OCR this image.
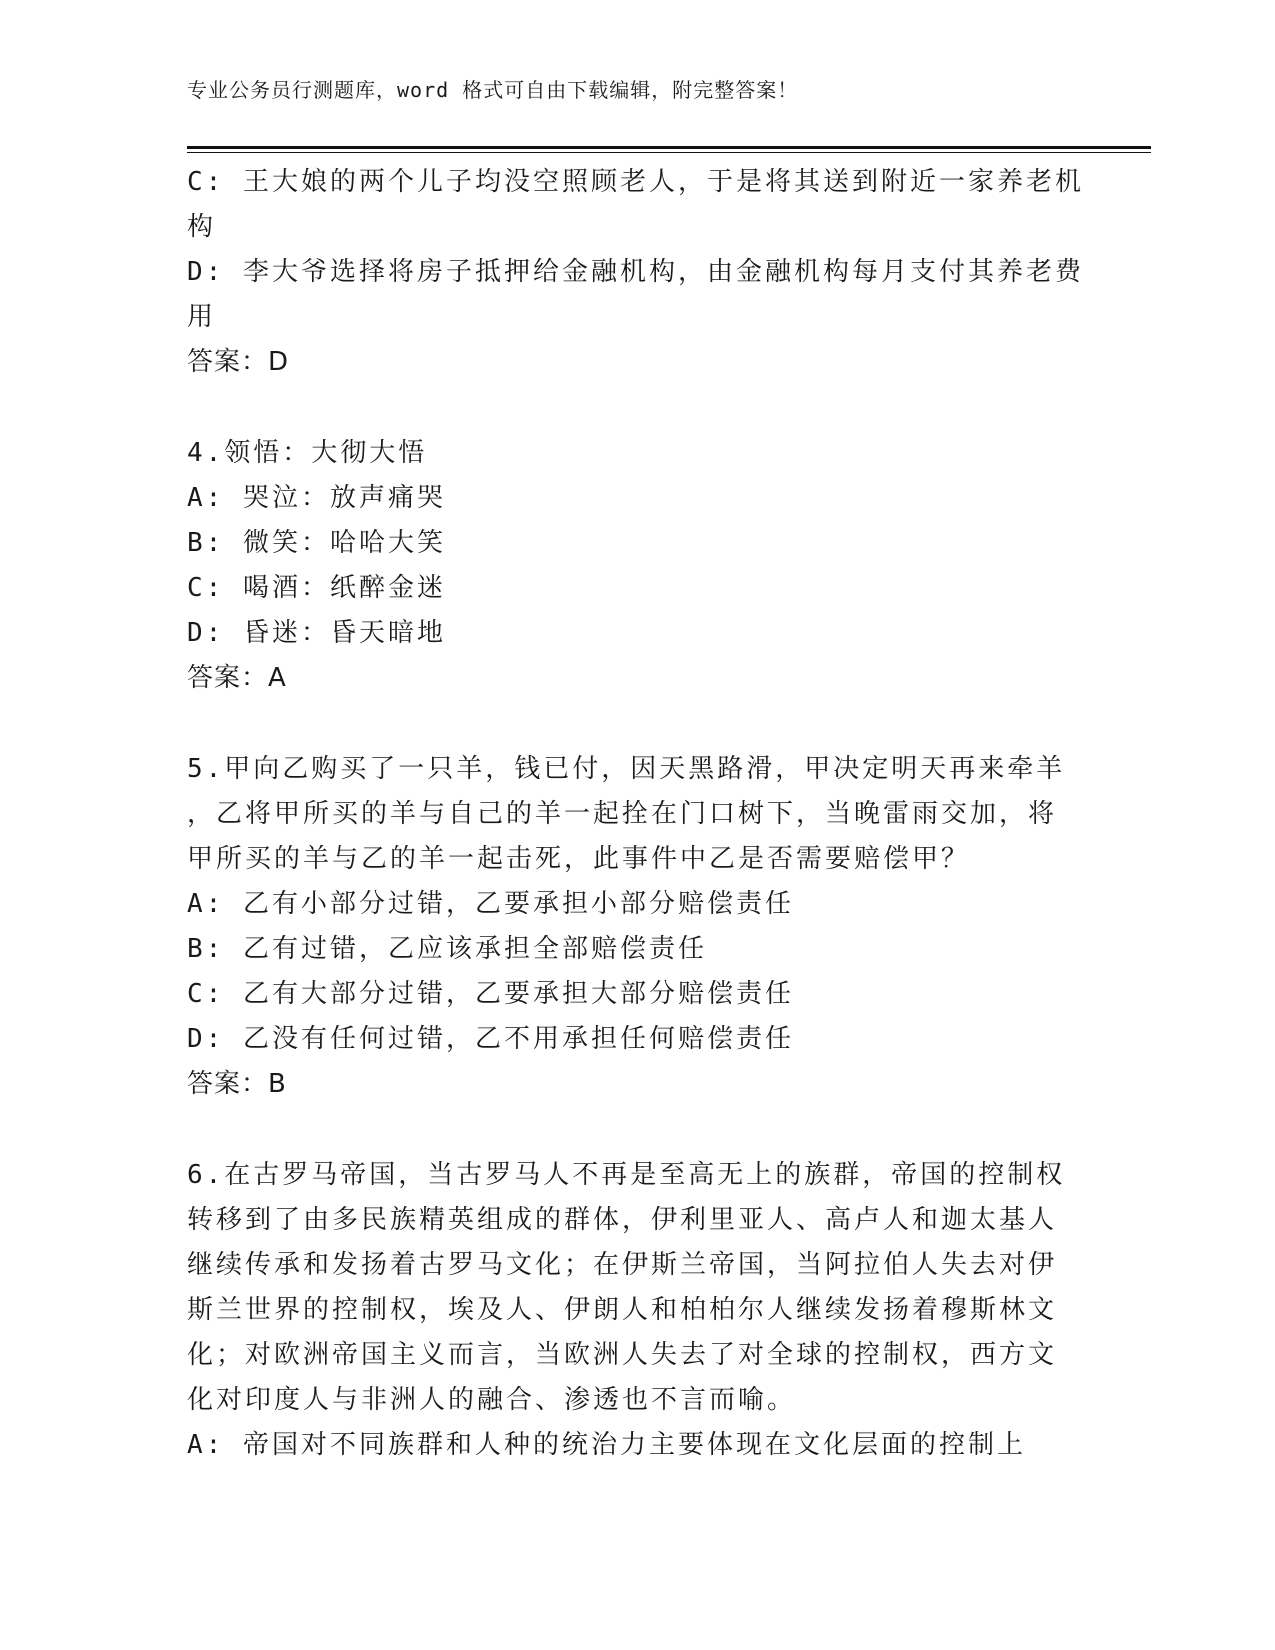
专业公务员行测题库，word 格式可自由下载编辑，附完整答案！
C: 王大娘的两个儿子均没空照顾老人，于是将其送到附近一家养老机
构
D: 李大爷选择将房子抵押给金融机构，由金融机构每月支付其养老费
用
答案：D
4.领悟：大彻大悟
A: 哭泣：放声痛哭
B: 微笑：哈哈大笑
C: 喝酒：纸醉金迷
D: 昏迷：昏天暗地
答案：A
5.甲向乙购买了一只羊，钱已付，因天黑路滑，甲决定明天再来牵羊
，乙将甲所买的羊与自己的羊一起拴在门口树下，当晚雷雨交加，将
甲所买的羊与乙的羊一起击死，此事件中乙是否需要赔偿甲？
A: 乙有小部分过错，乙要承担小部分赔偿责任
B: 乙有过错，乙应该承担全部赔偿责任
C: 乙有大部分过错，乙要承担大部分赔偿责任
D: 乙没有任何过错，乙不用承担任何赔偿责任
答案：B
6.在古罗马帝国，当古罗马人不再是至高无上的族群，帝国的控制权
转移到了由多民族精英组成的群体，伊利里亚人、高卢人和迦太基人
继续传承和发扬着古罗马文化；在伊斯兰帝国，当阿拉伯人失去对伊
斯兰世界的控制权，埃及人、伊朗人和柏柏尔人继续发扬着穆斯林文
化；对欧洲帝国主义而言，当欧洲人失去了对全球的控制权，西方文
化对印度人与非洲人的融合、渗透也不言而喻。
A: 帝国对不同族群和人种的统治力主要体现在文化层面的控制上
